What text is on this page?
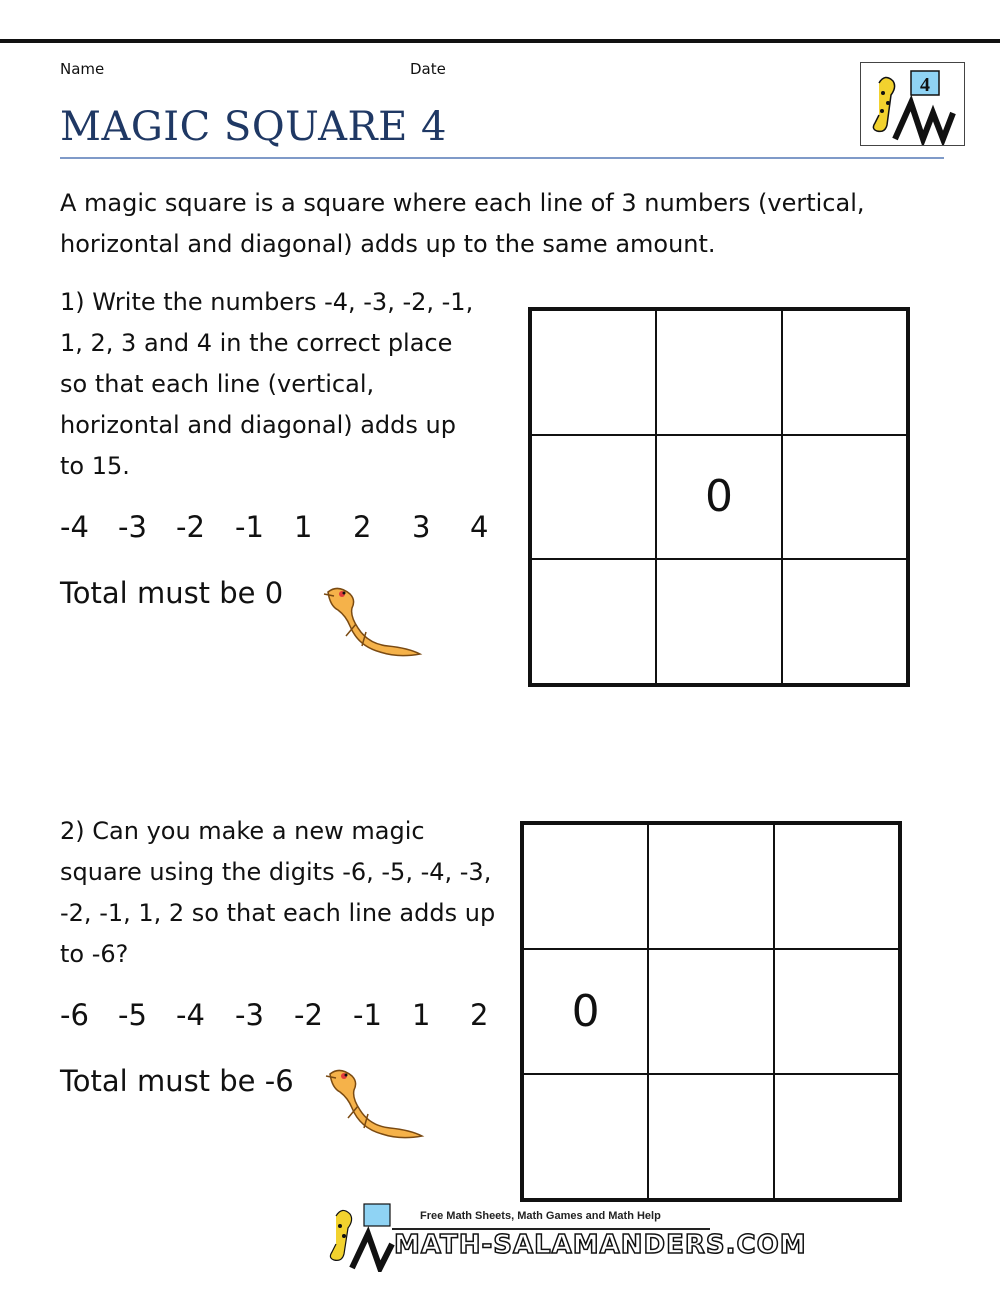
Name	Date
MAGIC SQUARE 4
4
A magic square is a square where each line of 3 numbers (vertical, horizontal and diagonal) adds up to the same amount.
1) Write the numbers -4, -3, -2, -1,
1, 2, 3 and 4 in the correct place
so that each line (vertical,
horizontal and diagonal) adds up
to 15.
-4 -3 -2 -1 1 2 3 4
Total must be 0
0
2) Can you make a new magic
square using the digits -6, -5, -4, -3,
-2, -1, 1, 2 so that each line adds up
to -6?
-6 -5 -4 -3 -2 -1 1 2
Total must be -6
0
Free Math Sheets, Math Games and Math Help
MATH-SALAMANDERS.COM
